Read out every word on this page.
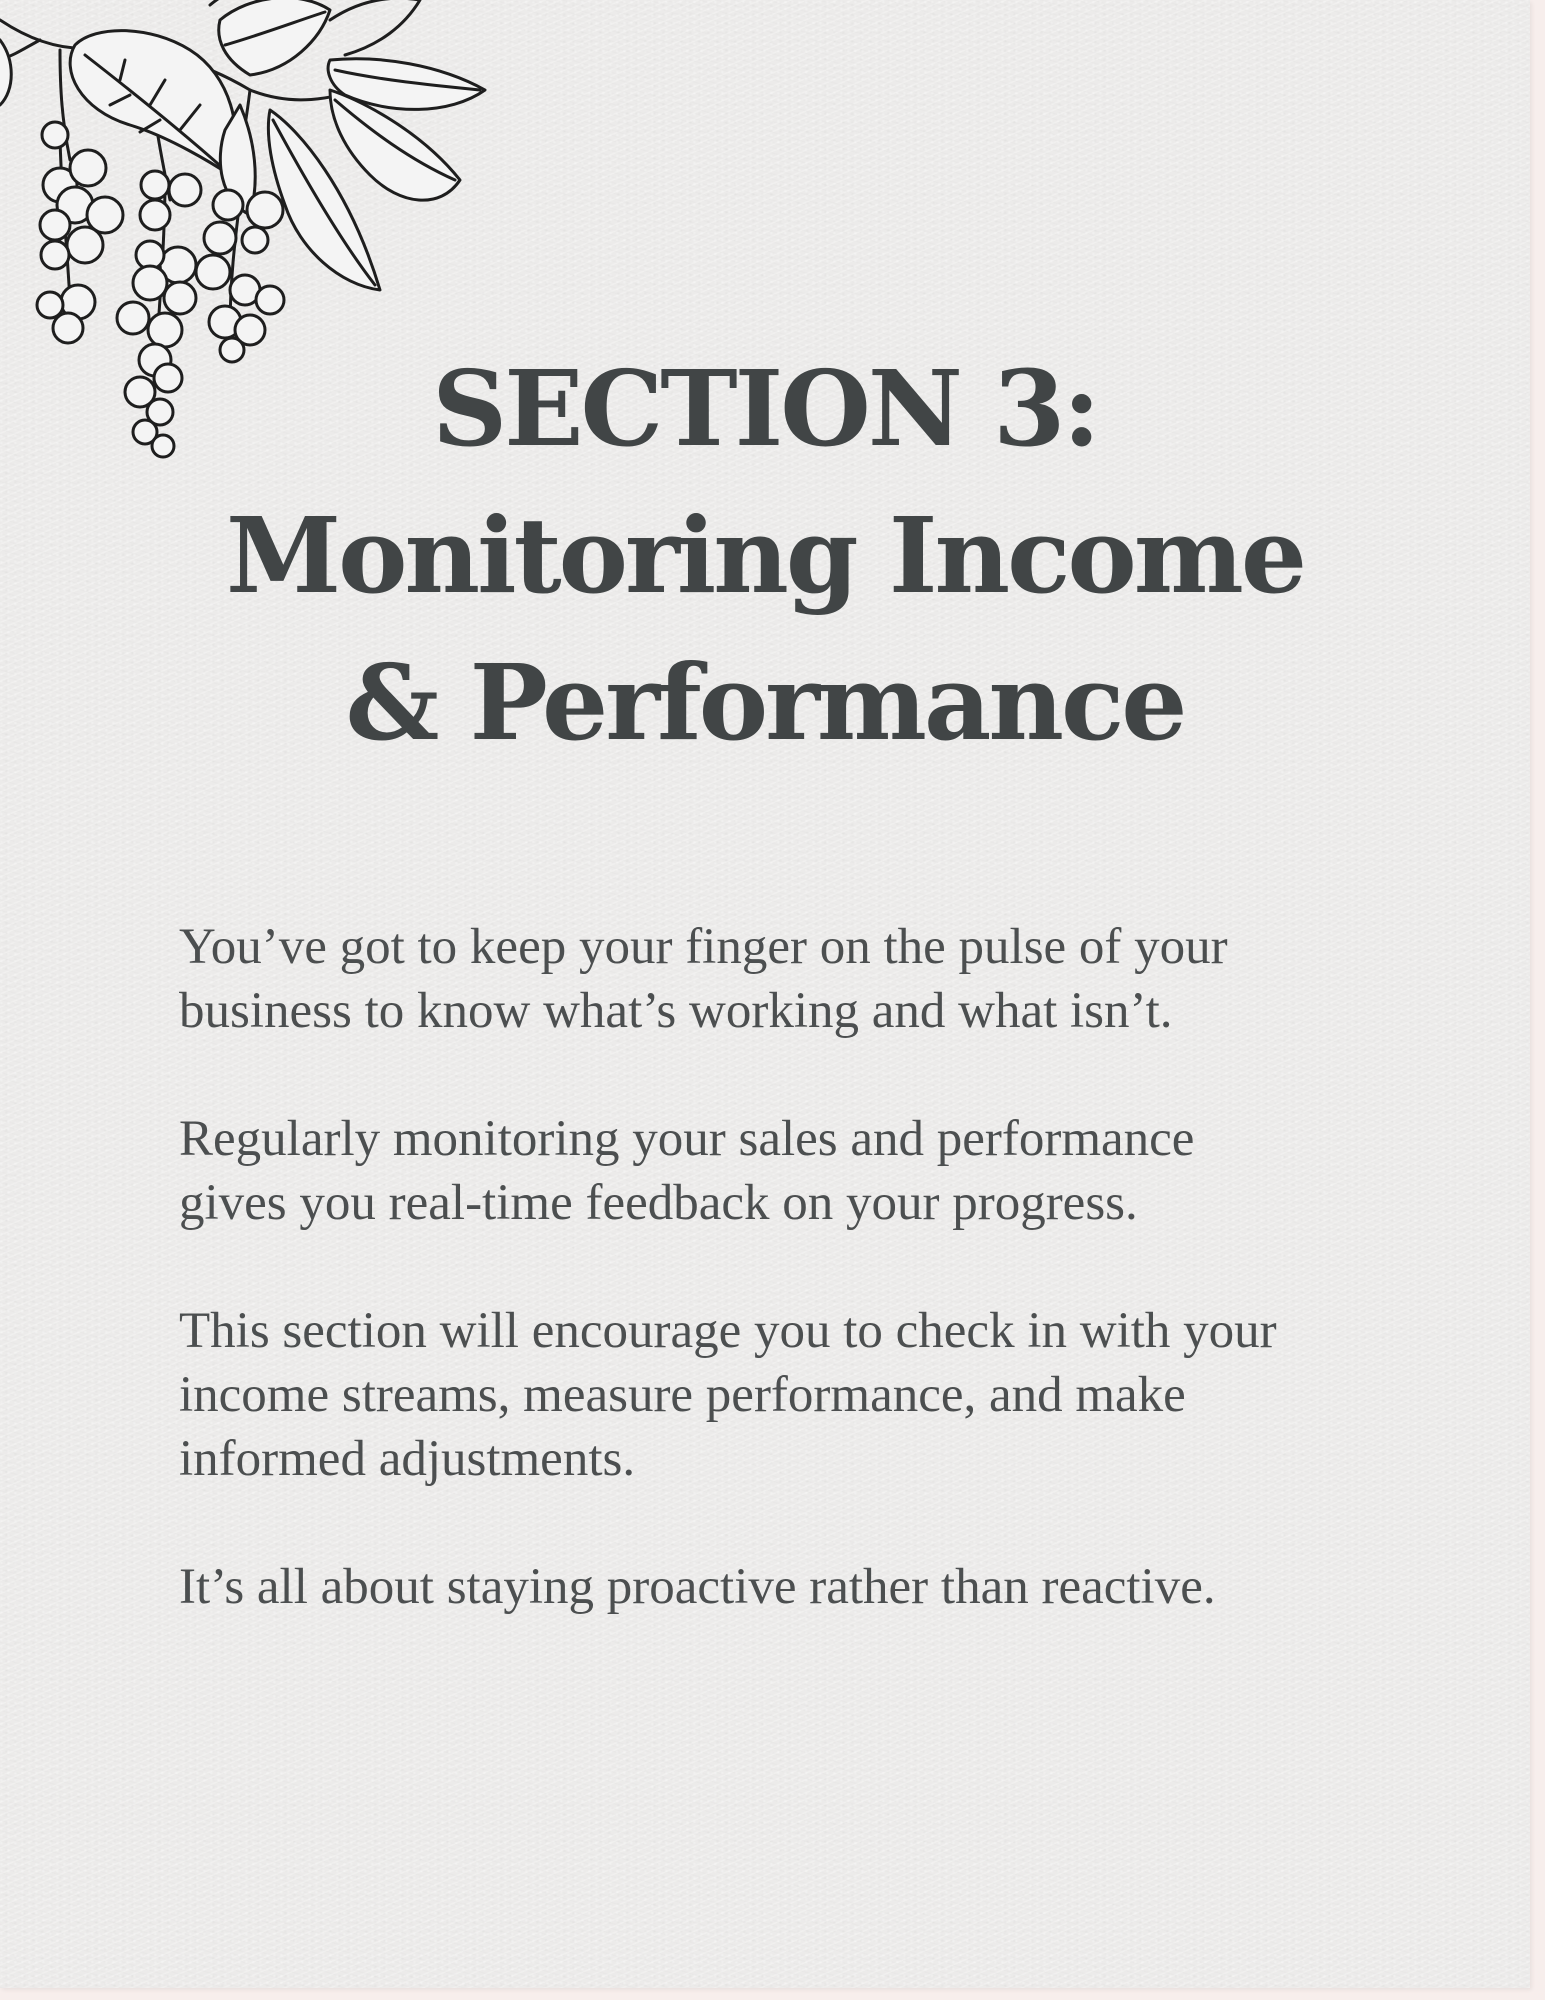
SECTION 3:
Monitoring Income
& Performance

You’ve got to keep your finger on the pulse of your
business to know what’s working and what isn’t.

Regularly monitoring your sales and performance
gives you real-time feedback on your progress.

This section will encourage you to check in with your
income streams, measure performance, and make
informed adjustments.

It’s all about staying proactive rather than reactive.
